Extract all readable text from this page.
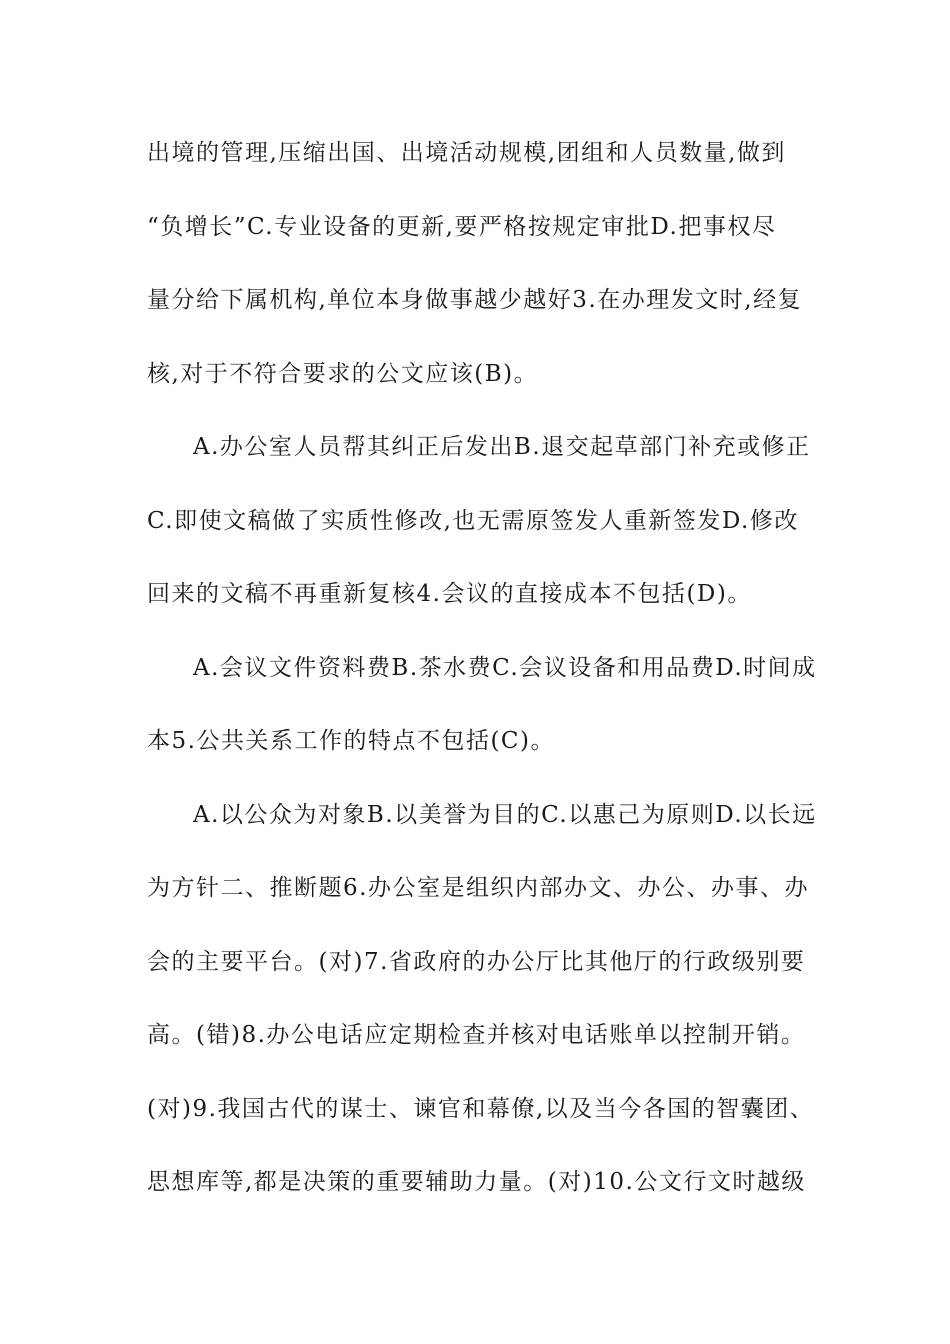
出境的管理,压缩出国、出境活动规模,团组和人员数量,做到
“负增长”C.专业设备的更新,要严格按规定审批D.把事权尽
量分给下属机构,单位本身做事越少越好3.在办理发文时,经复
核,对于不符合要求的公文应该(B)。
A.办公室人员帮其纠正后发出B.退交起草部门补充或修正
C.即使文稿做了实质性修改,也无需原签发人重新签发D.修改
回来的文稿不再重新复核4.会议的直接成本不包括(D)。
A.会议文件资料费B.茶水费C.会议设备和用品费D.时间成
本5.公共关系工作的特点不包括(C)。
A.以公众为对象B.以美誉为目的C.以惠己为原则D.以长远
为方针二、推断题6.办公室是组织内部办文、办公、办事、办
会的主要平台。(对)7.省政府的办公厅比其他厅的行政级别要
高。(错)8.办公电话应定期检查并核对电话账单以控制开销。
(对)9.我国古代的谋士、谏官和幕僚,以及当今各国的智囊团、
思想库等,都是决策的重要辅助力量。(对)10.公文行文时越级
